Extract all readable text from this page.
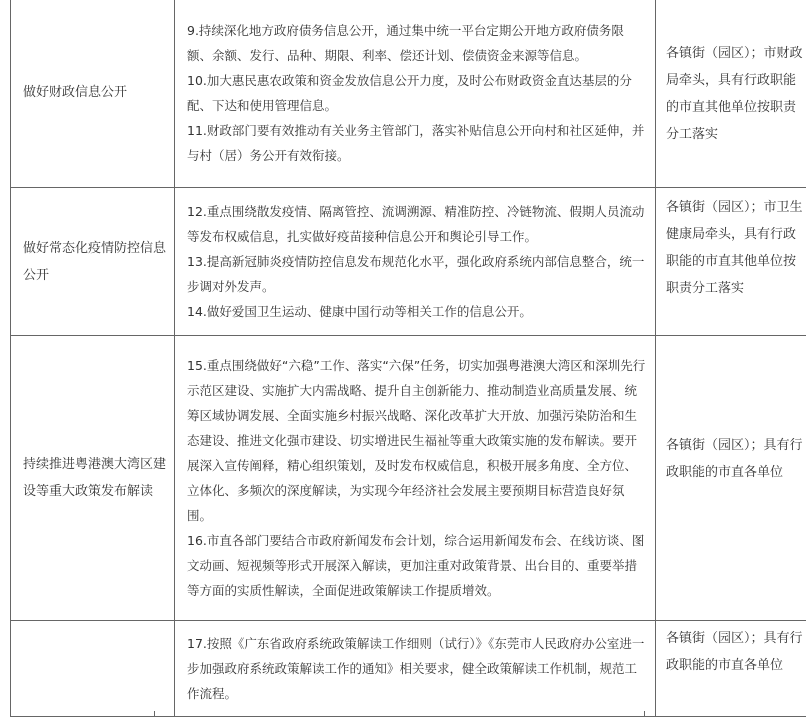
做好财政信息公开	9.持续深化地方政府债务信息公开，通过集中统一平台定期公开地方政府债务限额、余额、发行、品种、期限、利率、偿还计划、偿债资金来源等信息。

10.加大惠民惠农政策和资金发放信息公开力度，及时公布财政资金直达基层的分配、下达和使用管理信息。

11.财政部门要有效推动有关业务主管部门，落实补贴信息公开向村和社区延伸，并与村（居）务公开有效衔接。	各镇街（园区）；市财政局牵头，具有行政职能的市直其他单位按职责分工落实

做好常态化疫情防控信息公开	12.重点围绕散发疫情、隔离管控、流调溯源、精准防控、冷链物流、假期人员流动等发布权威信息，扎实做好疫苗接种信息公开和舆论引导工作。

13.提高新冠肺炎疫情防控信息发布规范化水平，强化政府系统内部信息整合，统一步调对外发声。

14.做好爱国卫生运动、健康中国行动等相关工作的信息公开。	各镇街（园区）；市卫生健康局牵头，具有行政职能的市直其他单位按职责分工落实

持续推进粤港澳大湾区建设等重大政策发布解读	15.重点围绕做好“六稳”工作、落实“六保”任务，切实加强粤港澳大湾区和深圳先行示范区建设、实施扩大内需战略、提升自主创新能力、推动制造业高质量发展、统筹区域协调发展、全面实施乡村振兴战略、深化改革扩大开放、加强污染防治和生态建设、推进文化强市建设、切实增进民生福祉等重大政策实施的发布解读。要开展深入宣传阐释，精心组织策划，及时发布权威信息，积极开展多角度、全方位、立体化、多频次的深度解读，为实现今年经济社会发展主要预期目标营造良好氛围。

16.市直各部门要结合市政府新闻发布会计划，综合运用新闻发布会、在线访谈、图文动画、短视频等形式开展深入解读，更加注重对政策背景、出台目的、重要举措等方面的实质性解读，全面促进政策解读工作提质增效。	各镇街（园区）；具有行政职能的市直各单位

	17.按照《广东省政府系统政策解读工作细则（试行）》《东莞市人民政府办公室进一步加强政府系统政策解读工作的通知》相关要求，健全政策解读工作机制，规范工作流程。	各镇街（园区）；具有行政职能的市直各单位
